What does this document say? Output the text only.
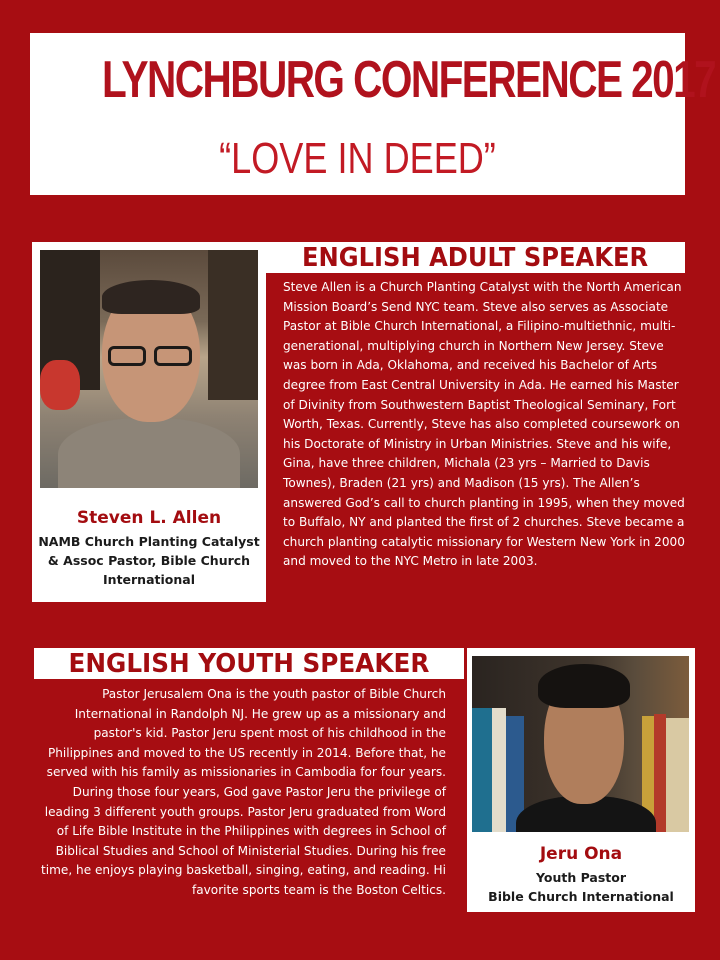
LYNCHBURG CONFERENCE 2017
“LOVE IN DEED”
Steven L. Allen
NAMB Church Planting Catalyst
& Assoc Pastor, Bible Church
International
ENGLISH ADULT SPEAKER
Steve Allen is a Church Planting Catalyst with the North American Mission Board’s Send NYC team. Steve also serves as Associate Pastor at Bible Church International, a Filipino-multiethnic, multi-generational, multiplying church in Northern New Jersey. Steve was born in Ada, Oklahoma, and received his Bachelor of Arts degree from East Central University in Ada. He earned his Master of Divinity from Southwestern Baptist Theological Seminary, Fort Worth, Texas. Currently, Steve has also completed coursework on his Doctorate of Ministry in Urban Ministries. Steve and his wife, Gina, have three children, Michala (23 yrs – Married to Davis Townes), Braden (21 yrs) and Madison (15 yrs). The Allen’s answered God’s call to church planting in 1995, when they moved to Buffalo, NY and planted the first of 2 churches. Steve became a church planting catalytic missionary for Western New York in 2000 and moved to the NYC Metro in late 2003.
ENGLISH YOUTH SPEAKER
Pastor Jerusalem Ona is the youth pastor of Bible Church International in Randolph NJ. He grew up as a missionary and pastor's kid. Pastor Jeru spent most of his childhood in the Philippines and moved to the US recently in 2014. Before that, he served with his family as missionaries in Cambodia for four years. During those four years, God gave Pastor Jeru the privilege of leading 3 different youth groups. Pastor Jeru graduated from Word of Life Bible Institute in the Philippines with degrees in School of Biblical Studies and School of Ministerial Studies. During his free time, he enjoys playing basketball, singing, eating, and reading. Hi favorite sports team is the Boston Celtics.
Jeru Ona
Youth Pastor
Bible Church International
